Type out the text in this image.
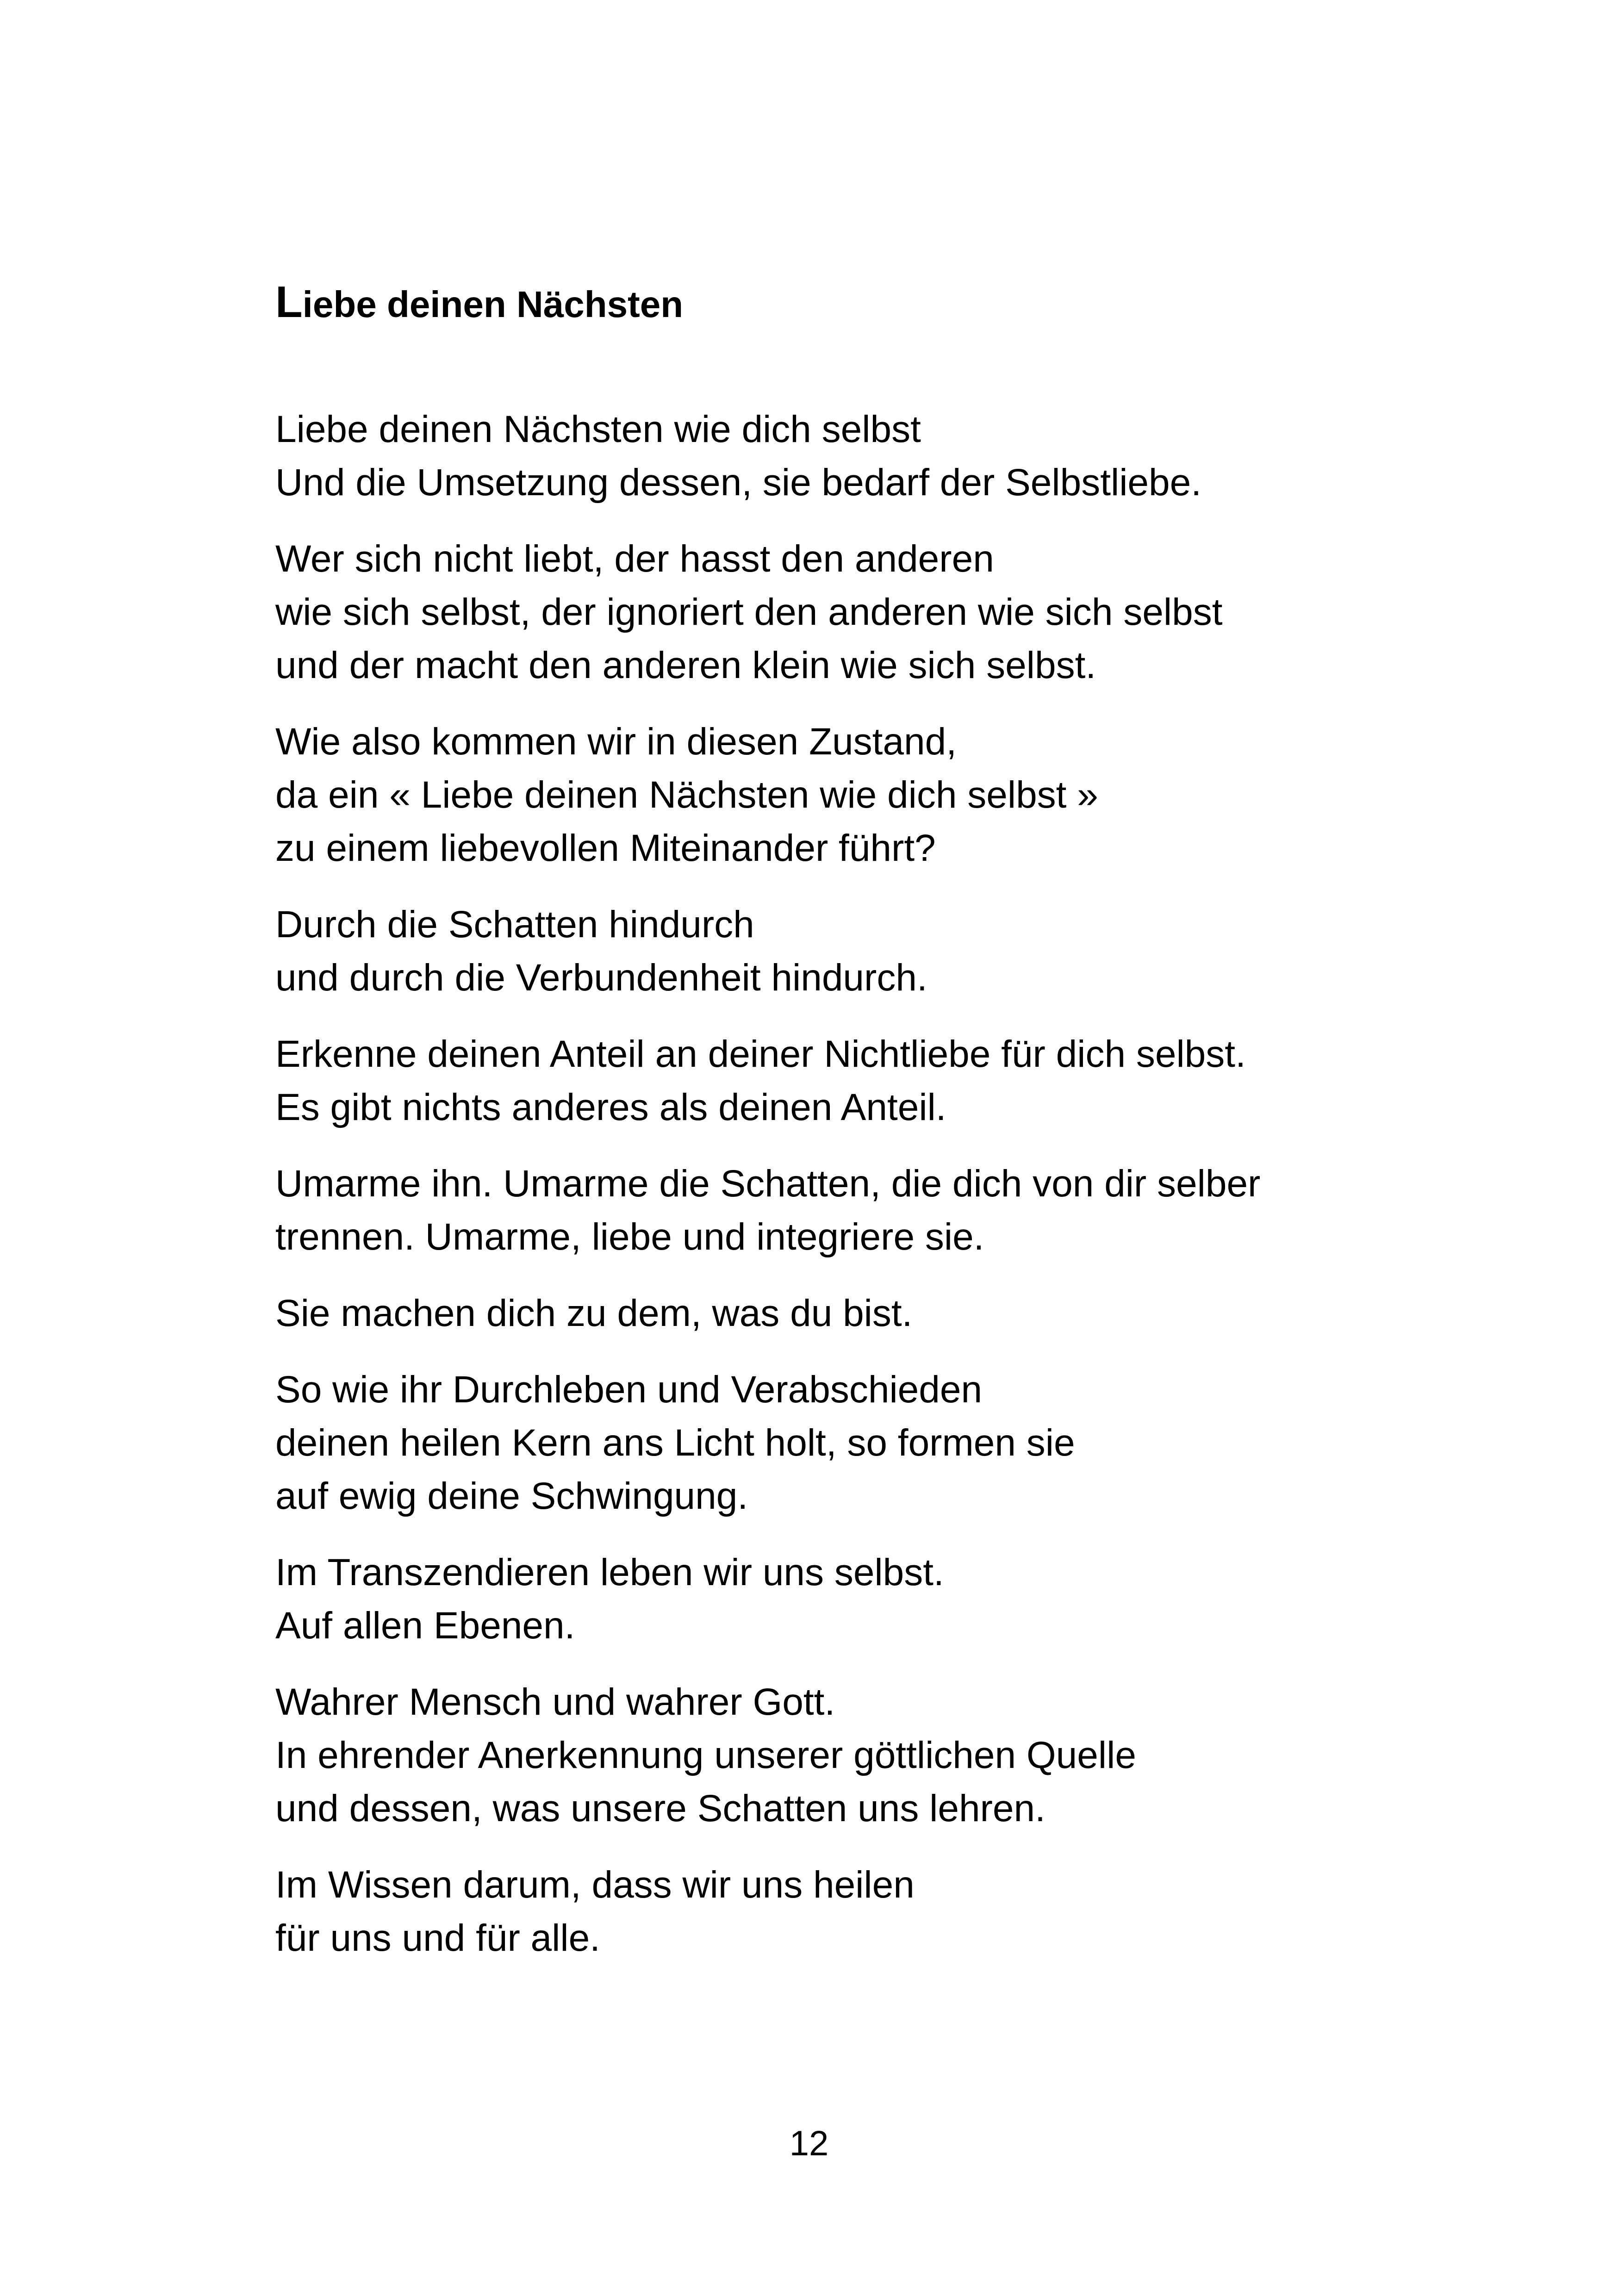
Liebe deinen Nächsten

Liebe deinen Nächsten wie dich selbst
Und die Umsetzung dessen, sie bedarf der Selbstliebe.

Wer sich nicht liebt, der hasst den anderen
wie sich selbst, der ignoriert den anderen wie sich selbst
und der macht den anderen klein wie sich selbst.

Wie also kommen wir in diesen Zustand,
da ein « Liebe deinen Nächsten wie dich selbst »
zu einem liebevollen Miteinander führt?

Durch die Schatten hindurch
und durch die Verbundenheit hindurch.

Erkenne deinen Anteil an deiner Nichtliebe für dich selbst.
Es gibt nichts anderes als deinen Anteil.

Umarme ihn. Umarme die Schatten, die dich von dir selber
trennen. Umarme, liebe und integriere sie.

Sie machen dich zu dem, was du bist.

So wie ihr Durchleben und Verabschieden
deinen heilen Kern ans Licht holt, so formen sie
auf ewig deine Schwingung.

Im Transzendieren leben wir uns selbst.
Auf allen Ebenen.

Wahrer Mensch und wahrer Gott.
In ehrender Anerkennung unserer göttlichen Quelle
und dessen, was unsere Schatten uns lehren.

Im Wissen darum, dass wir uns heilen
für uns und für alle.

12
